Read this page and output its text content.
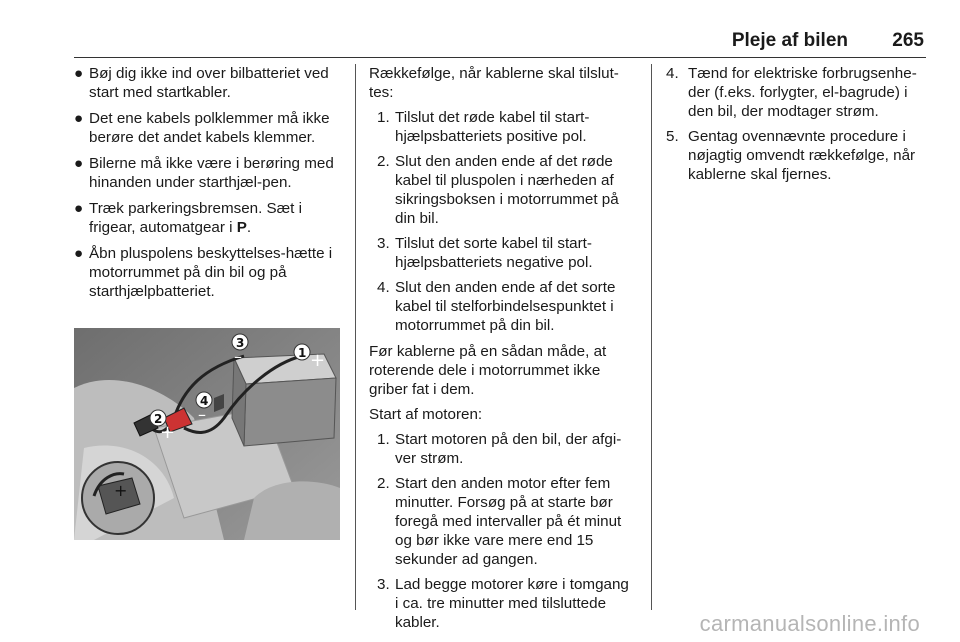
Pleje af bilen 265
● Bøj dig ikke ind over bilbatteriet ved start med startkabler.
● Det ene kabels polklemmer må ikke berøre det andet kabels klemmer.
● Bilerne må ikke være i berøring med hinanden under starthjæl-pen.
● Træk parkeringsbremsen. Sæt i frigear, automatgear i P.
● Åbn pluspolens beskyttelses-hætte i motorrummet på din bil og på starthjælpbatteriet.
+
1 +
2
+
3
–
4
–

Rækkefølge, når kablerne skal tilslut-tes:

1. Tilslut det røde kabel til start-hjælpsbatteriets positive pol.
2. Slut den anden ende af det røde kabel til pluspolen i nærheden af sikringsboksen i motorrummet på din bil.
3. Tilslut det sorte kabel til start-hjælpsbatteriets negative pol.
4. Slut den anden ende af det sorte kabel til stelforbindelsespunktet i motorrummet på din bil.

Før kablerne på en sådan måde, at roterende dele i motorrummet ikke griber fat i dem.

Start af motoren:

1. Start motoren på den bil, der afgi-ver strøm.
2. Start den anden motor efter fem minutter. Forsøg på at starte bør foregå med intervaller på ét minut og bør ikke vare mere end 15 sekunder ad gangen.
3. Lad begge motorer køre i tomgang i ca. tre minutter med tilsluttede kabler.
4. Tænd for elektriske forbrugsenhe-der (f.eks. forlygter, el-bagrude) i den bil, der modtager strøm.
5. Gentag ovennævnte procedure i nøjagtig omvendt rækkefølge, når kablerne skal fjernes.
carmanualsonline.info
